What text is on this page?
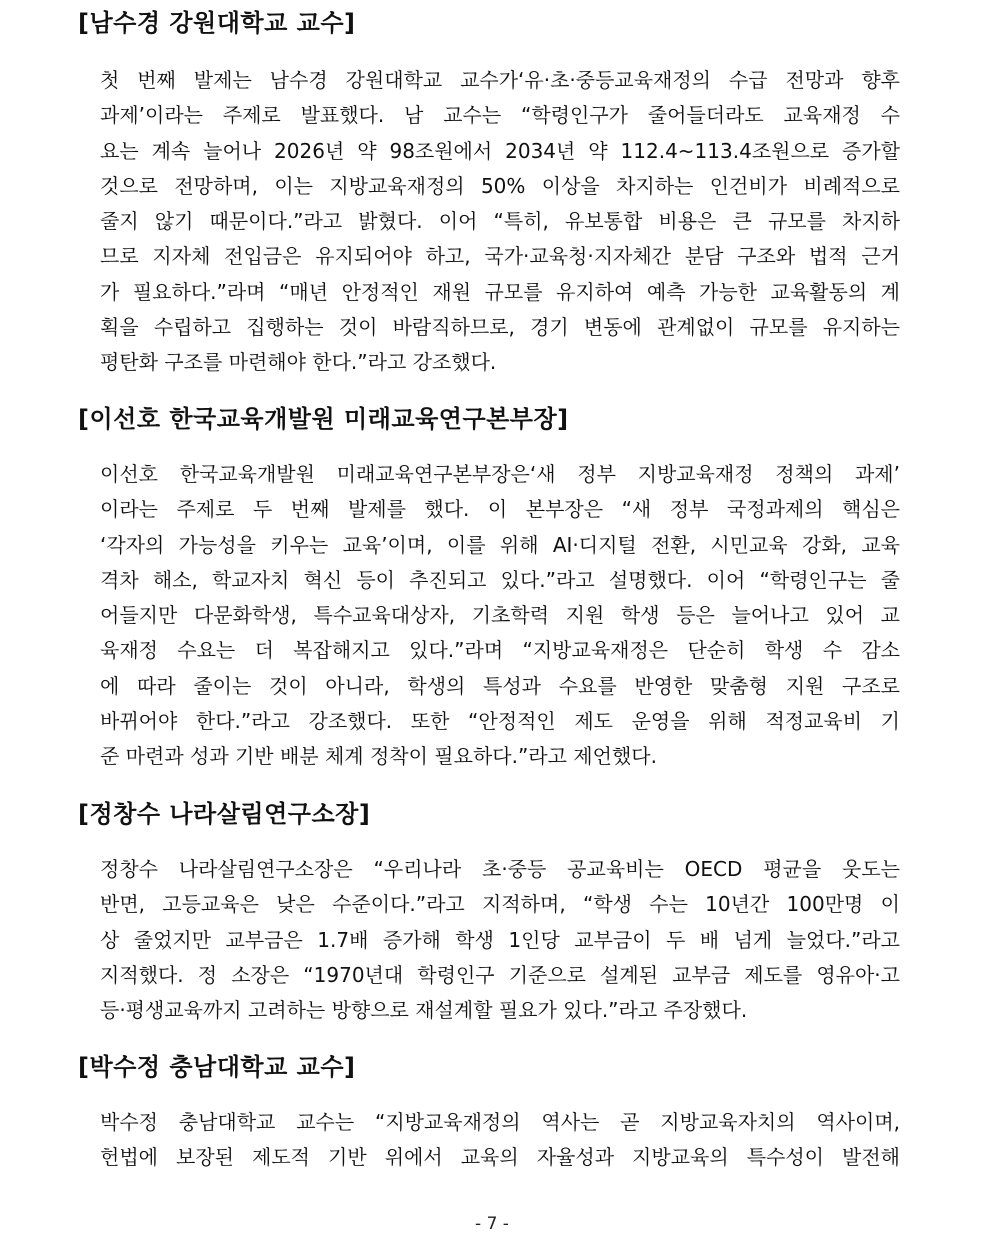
[남수경 강원대학교 교수]
첫 번째 발제는 남수경 강원대학교 교수가‘유·초·중등교육재정의 수급 전망과 향후
과제’이라는 주제로 발표했다. 남 교수는 “학령인구가 줄어들더라도 교육재정 수
요는 계속 늘어나 2026년 약 98조원에서 2034년 약 112.4~113.4조원으로 증가할
것으로 전망하며, 이는 지방교육재정의 50% 이상을 차지하는 인건비가 비례적으로
줄지 않기 때문이다.”라고 밝혔다. 이어 “특히, 유보통합 비용은 큰 규모를 차지하
므로 지자체 전입금은 유지되어야 하고, 국가·교육청·지자체간 분담 구조와 법적 근거
가 필요하다.”라며 “매년 안정적인 재원 규모를 유지하여 예측 가능한 교육활동의 계
획을 수립하고 집행하는 것이 바람직하므로, 경기 변동에 관계없이 규모를 유지하는
평탄화 구조를 마련해야 한다.”라고 강조했다.
[이선호 한국교육개발원 미래교육연구본부장]
이선호 한국교육개발원 미래교육연구본부장은‘새 정부 지방교육재정 정책의 과제’
이라는 주제로 두 번째 발제를 했다. 이 본부장은 “새 정부 국정과제의 핵심은
‘각자의 가능성을 키우는 교육’이며, 이를 위해 AI·디지털 전환, 시민교육 강화, 교육
격차 해소, 학교자치 혁신 등이 추진되고 있다.”라고 설명했다. 이어 “학령인구는 줄
어들지만 다문화학생, 특수교육대상자, 기초학력 지원 학생 등은 늘어나고 있어 교
육재정 수요는 더 복잡해지고 있다.”라며 “지방교육재정은 단순히 학생 수 감소
에 따라 줄이는 것이 아니라, 학생의 특성과 수요를 반영한 맞춤형 지원 구조로
바뀌어야 한다.”라고 강조했다. 또한 “안정적인 제도 운영을 위해 적정교육비 기
준 마련과 성과 기반 배분 체계 정착이 필요하다.”라고 제언했다.
[정창수 나라살림연구소장]
정창수 나라살림연구소장은 “우리나라 초·중등 공교육비는 OECD 평균을 웃도는
반면, 고등교육은 낮은 수준이다.”라고 지적하며, “학생 수는 10년간 100만명 이
상 줄었지만 교부금은 1.7배 증가해 학생 1인당 교부금이 두 배 넘게 늘었다.”라고
지적했다. 정 소장은 “1970년대 학령인구 기준으로 설계된 교부금 제도를 영유아·고
등·평생교육까지 고려하는 방향으로 재설계할 필요가 있다.”라고 주장했다.
[박수정 충남대학교 교수]
박수정 충남대학교 교수는 “지방교육재정의 역사는 곧 지방교육자치의 역사이며,
헌법에 보장된 제도적 기반 위에서 교육의 자율성과 지방교육의 특수성이 발전해
- 7 -
